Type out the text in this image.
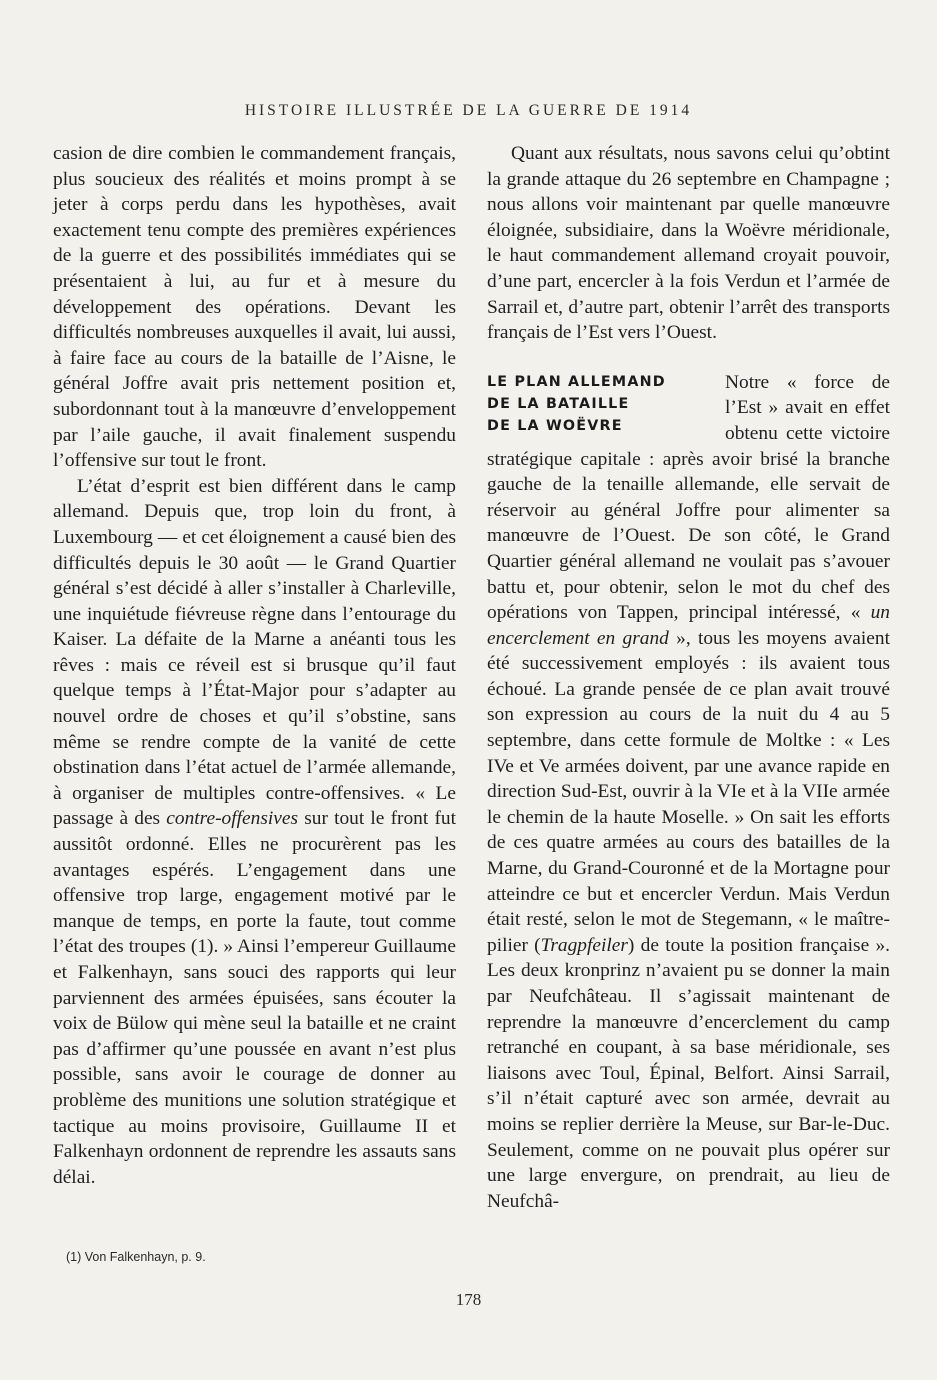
HISTOIRE ILLUSTRÉE DE LA GUERRE DE 1914

casion de dire combien le commandement français, plus soucieux des réalités et moins prompt à se jeter à corps perdu dans les hypothèses, avait exactement tenu compte des premières expériences de la guerre et des possibilités immédiates qui se présentaient à lui, au fur et à mesure du développement des opérations. Devant les difficultés nombreuses auxquelles il avait, lui aussi, à faire face au cours de la bataille de l’Aisne, le général Joffre avait pris nettement position et, subordonnant tout à la manœuvre d’enveloppement par l’aile gauche, il avait finalement suspendu l’offensive sur tout le front.

L’état d’esprit est bien différent dans le camp allemand. Depuis que, trop loin du front, à Luxembourg — et cet éloignement a causé bien des difficultés depuis le 30 août — le Grand Quartier général s’est décidé à aller s’installer à Charleville, une inquiétude fiévreuse règne dans l’entourage du Kaiser. La défaite de la Marne a anéanti tous les rêves : mais ce réveil est si brusque qu’il faut quelque temps à l’État-Major pour s’adapter au nouvel ordre de choses et qu’il s’obstine, sans même se rendre compte de la vanité de cette obstination dans l’état actuel de l’armée allemande, à organiser de multiples contre-offensives. « Le passage à des contre-offensives sur tout le front fut aussitôt ordonné. Elles ne procurèrent pas les avantages espérés. L’engagement dans une offensive trop large, engagement motivé par le manque de temps, en porte la faute, tout comme l’état des troupes (1). » Ainsi l’empereur Guillaume et Falkenhayn, sans souci des rapports qui leur parviennent des armées épuisées, sans écouter la voix de Bülow qui mène seul la bataille et ne craint pas d’affirmer qu’une poussée en avant n’est plus possible, sans avoir le courage de donner au problème des munitions une solution stratégique et tactique au moins provisoire, Guillaume II et Falkenhayn ordonnent de reprendre les assauts sans délai.

Quant aux résultats, nous savons celui qu’obtint la grande attaque du 26 septembre en Champagne ; nous allons voir maintenant par quelle manœuvre éloignée, subsidiaire, dans la Woëvre méridionale, le haut commandement allemand croyait pouvoir, d’une part, encercler à la fois Verdun et l’armée de Sarrail et, d’autre part, obtenir l’arrêt des transports français de l’Est vers l’Ouest.

LE PLAN ALLEMAND
DE LA BATAILLE
DE LA WOËVRE

Notre « force de l’Est » avait en effet obtenu cette victoire stratégique capitale : après avoir brisé la branche gauche de la tenaille allemande, elle servait de réservoir au général Joffre pour alimenter sa manœuvre de l’Ouest. De son côté, le Grand Quartier général allemand ne voulait pas s’avouer battu et, pour obtenir, selon le mot du chef des opérations von Tappen, principal intéressé, « un encerclement en grand », tous les moyens avaient été successivement employés : ils avaient tous échoué. La grande pensée de ce plan avait trouvé son expression au cours de la nuit du 4 au 5 septembre, dans cette formule de Moltke : « Les IVe et Ve armées doivent, par une avance rapide en direction Sud-Est, ouvrir à la VIe et à la VIIe armée le chemin de la haute Moselle. » On sait les efforts de ces quatre armées au cours des batailles de la Marne, du Grand-Couronné et de la Mortagne pour atteindre ce but et encercler Verdun. Mais Verdun était resté, selon le mot de Stegemann, « le maître-pilier (Tragpfeiler) de toute la position française ». Les deux kronprinz n’avaient pu se donner la main par Neufchâteau. Il s’agissait maintenant de reprendre la manœuvre d’encerclement du camp retranché en coupant, à sa base méridionale, ses liaisons avec Toul, Épinal, Belfort. Ainsi Sarrail, s’il n’était capturé avec son armée, devrait au moins se replier derrière la Meuse, sur Bar-le-Duc. Seulement, comme on ne pouvait plus opérer sur une large envergure, on prendrait, au lieu de Neufchâ-

(1) Von Falkenhayn, p. 9.
178
